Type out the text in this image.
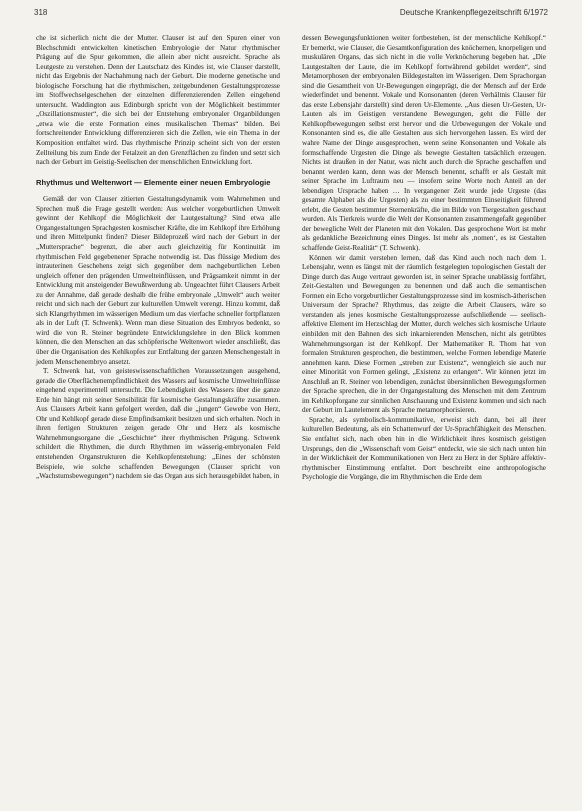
318	Deutsche Krankenpflegezeitschrift 6/1972

che ist sicherlich nicht die der Mutter. Clauser ist auf den Spuren einer von Blechschmidt entwickelten kinetischen Embryologie der Natur rhythmischer Prägung auf die Spur gekommen, die allein aber nicht ausreicht. Sprache als Leutgeste zu verstehen. Denn der Lautschatz des Kindes ist, wie Clauser darstellt, nicht das Ergebnis der Nachahmung nach der Geburt. Die moderne genetische und biologische Forschung hat die rhythmischen, zeitgebundenen Gestaltungsprozesse im Stoffwechselgeschehen der einzelnen differenzierenden Zellen eingehend untersucht. Waddington aus Edinburgh spricht von der Möglichkeit bestimmter „Oszillationsmuster“, die sich bei der Entstehung embryonaler Organbildungen „etwa wie die erste Formation eines musikalischen Themas“ bilden. Bei fortschreitender Entwicklung differenzieren sich die Zellen, wie ein Thema in der Komposition entfaltet wird. Das rhythmische Prinzip scheint sich von der ersten Zellteilung bis zum Ende der Fetalzeit an den Grenzflächen zu finden und setzt sich nach der Geburt im Geistig-Seelischen der menschlichen Entwicklung fort.

Rhythmus und Weltenwort — Elemente einer neuen Embryologie

Gemäß der von Clauser zitierten Gestaltungsdynamik vom Wahrnehmen und Sprechen muß die Frage gestellt werden: Aus welcher vorgeburtlichen Umwelt gewinnt der Kehlkopf die Möglichkeit der Lautgestaltung? Sind etwa alle Organgestaltungen Sprachgesten kosmischer Kräfte, die im Kehlkopf ihre Erhöhung und ihren Mittelpunkt finden? Dieser Bildeprozeß wird nach der Geburt in der „Muttersprache“ begrenzt, die aber auch gleichzeitig für Kontinuität im rhythmischen Feld gegebenener Sprache notwendig ist. Das flüssige Medium des intrauterinen Geschehens zeigt sich gegenüber dem nachgeburtlichen Leben ungleich offener den prägenden Umwelteinflüssen, und Prägsamkeit nimmt in der Entwicklung mit ansteigender Bewußtwerdung ab. Ungeachtet führt Clausers Arbeit zu der Annahme, daß gerade deshalb die frühe embryonale „Umwelt“ auch weiter reicht und sich nach der Geburt zur kulturellen Umwelt verengt. Hinzu kommt, daß sich Klangrhythmen im wässerigen Medium um das vierfache schneller fortpflanzen als in der Luft (T. Schwenk). Wenn man diese Situation des Embryos bedenkt, so wird die von R. Steiner begründete Entwicklungslehre in den Blick kommen können, die den Menschen an das schöpferische Weltenwort wieder anschließt, das über die Organisation des Kehlkopfes zur Entfaltung der ganzen Menschengestalt in jedem Menschenembryo ansetzt.

T. Schwenk hat, von geisteswissenschaftlichen Voraussetzungen ausgehend, gerade die Oberflächenempfindlichkeit des Wassers auf kosmische Umwelteinflüsse eingehend experimentell untersucht. Die Lebendigkeit des Wassers über die ganze Erde hin hängt mit seiner Sensibilität für kosmische Gestaltungskräfte zusammen. Aus Clausers Arbeit kann gefolgert werden, daß die „jungen“ Gewebe von Herz, Ohr und Kehlkopf gerade diese Empfindsamkeit besitzen und sich erhalten. Noch in ihren fertigen Strukturen zeigen gerade Ohr und Herz als kosmische Wahrnehmungsorgane die „Geschichte“ ihrer rhythmischen Prägung. Schwenk schildert die Rhythmen, die durch Rhythmen im wässerig-embryonalen Feld entstehenden Organstrukturen die Kehlkopfentstehung: „Eines der schönsten Beispiele, wie solche schaffenden Bewegungen (Clauser spricht von „Wachstumsbewegungen“) nachdem sie das Organ aus sich herausgebildet haben, in

dessen Bewegungsfunktionen weiter fortbestehen, ist der menschliche Kehlkopf.“ Er bemerkt, wie Clauser, die Gesamtkonfiguration des knöchernen, knorpeligen und muskulären Organs, das sich nicht in die volle Verknöcherung begeben hat. „Die Lautgestalten der Laute, die im Kehlkopf fortwährend gebildet werden“, sind Metamorphosen der embryonalen Bildegestalten im Wässerigen. Dem Sprachorgan sind die Gesamtheit von Ur-Bewegungen eingeprägt, die der Mensch auf der Erde wiederfindet und benennt. Vokale und Konsonanten (deren Verhältnis Clauser für das erste Lebensjahr darstellt) sind deren Ur-Elemente. „Aus diesen Ur-Gesten, Ur-Lauten als im Geistigen verstandene Bewegungen, geht die Fülle der Kehlkopfbewegungen selbst erst hervor und die Urbewegungen der Vokale und Konsonanten sind es, die alle Gestalten aus sich hervorgehen lassen. Es wird der wahre Name der Dinge ausgesprochen, wenn seine Konsonanten und Vokale als formschaffende Urgesten die Dinge als bewegte Gestalten tatsächlich erzeugen. Nichts ist draußen in der Natur, was nicht auch durch die Sprache geschaffen und benannt werden kann, denn was der Mensch benennt, schafft er als Gestalt mit seiner Sprache im Luftraum neu — insofern seine Worte noch Anteil an der lebendigen Ursprache haben … In vergangener Zeit wurde jede Urgeste (das gesamte Alphabet als die Urgesten) als zu einer bestimmten Einseitigkeit führend erlebt, die Gesten bestimmter Sternenkräfte, die im Bilde von Tiergestalten geschaut wurden. Als Tierkreis wurde die Welt der Konsonanten zusammengefaßt gegenüber der bewegliche Welt der Planeten mit den Vokalen. Das gesprochene Wort ist mehr als gedankliche Bezeichnung eines Dinges. Ist mehr als ‚nomen‘, es ist Gestalten schaffende Geist-Realität“ (T. Schwenk).

Können wir damit verstehen lernen, daß das Kind auch noch nach dem 1. Lebensjahr, wenn es längst mit der räumlich festgelegten topologischen Gestalt der Dinge durch das Auge vertraut geworden ist, in seiner Sprache unablässig fortfährt, Zeit-Gestalten und Bewegungen zu benennen und daß auch die semantischen Formen ein Echo vorgeburtlicher Gestaltungsprozesse sind im kosmisch-ätherischen Universum der Sprache? Rhythmus, das zeigte die Arbeit Clausers, wäre so verstanden als jenes kosmische Gestaltungsprozesse aufschließende — seelisch-affektive Element im Herzschlag der Mutter, durch welches sich kosmische Urlaute einbilden mit den Bahnen des sich inkarnierenden Menschen, nicht als getrübtes Wahrnehmungsorgan ist der Kehlkopf. Der Mathematiker R. Thom hat von formalen Strukturen gesprochen, die bestimmen, welche Formen lebendige Materie annehmen kann. Diese Formen „streben zur Existenz“, wenngleich sie auch nur einer Minorität von Formen gelingt, „Existenz zu erlangen“. Wir können jetzt im Anschluß an R. Steiner von lebendigen, zunächst übersinnlichen Bewegungsformen der Sprache sprechen, die in der Organgestaltung des Menschen mit dem Zentrum im Kehlkopforgane zur sinnlichen Anschauung und Existenz kommen und sich nach der Geburt im Lautelement als Sprache metamorphorisieren.

Sprache, als symbolisch-kommunikative, erweist sich dann, bei all ihrer kulturellen Bedeutung, als ein Schattenwurf der Ur-Sprachfähigkeit des Menschen. Sie entfaltet sich, nach oben hin in die Wirklichkeit ihres kosmisch geistigen Ursprungs, den die „Wissenschaft vom Geist“ entdeckt, wie sie sich nach unten hin in der Wirklichkeit der Kommunikationen von Herz zu Herz in der Sphäre affektiv-rhythmischer Einstimmung entfaltet. Dort beschreibt eine anthropologische Psychologie die Vorgänge, die im Rhythmischen die Erde dem
